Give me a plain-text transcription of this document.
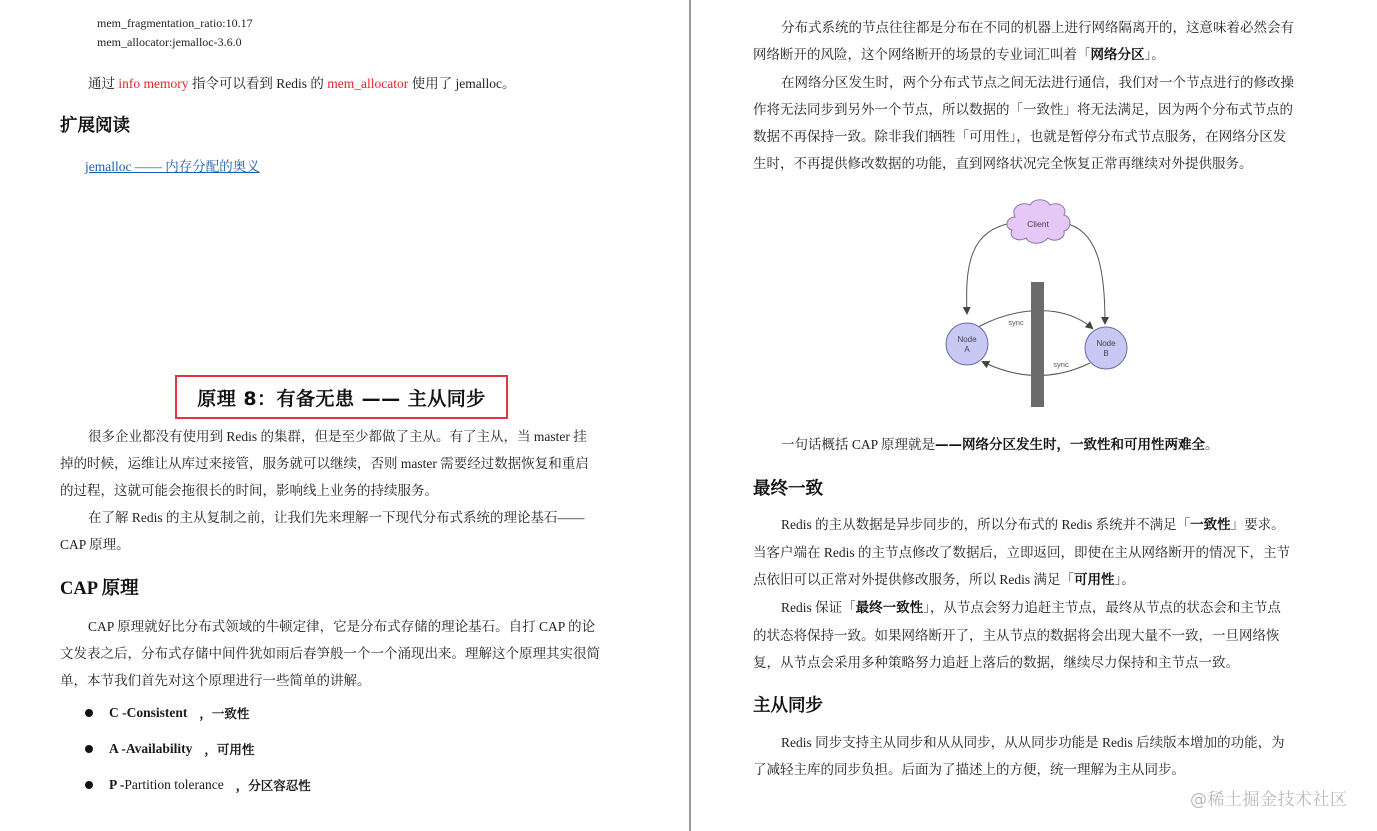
mem_fragmentation_ratio:10.17
mem_allocator:jemalloc-3.6.0
通过 info memory 指令可以看到 Redis 的 mem_allocator 使用了 jemalloc。
扩展阅读
jemalloc —— 内存分配的奥义
原理 8：有备无患 —— 主从同步
很多企业都没有使用到 Redis 的集群，但是至少都做了主从。有了主从，当 master 挂
掉的时候，运维让从库过来接管，服务就可以继续，否则 master 需要经过数据恢复和重启
的过程，这就可能会拖很长的时间，影响线上业务的持续服务。
在了解 Redis 的主从复制之前，让我们先来理解一下现代分布式系统的理论基石——
CAP 原理。
CAP 原理
CAP 原理就好比分布式领域的牛顿定律，它是分布式存储的理论基石。自打 CAP 的论
文发表之后，分布式存储中间件犹如雨后春笋般一个一个涌现出来。理解这个原理其实很简
单，本节我们首先对这个原理进行一些简单的讲解。
C - Consistent ，一致性
A - Availability ，可用性
P - Partition tolerance ，分区容忍性
分布式系统的节点往往都是分布在不同的机器上进行网络隔离开的，这意味着必然会有
网络断开的风险，这个网络断开的场景的专业词汇叫着「网络分区」。
在网络分区发生时，两个分布式节点之间无法进行通信，我们对一个节点进行的修改操
作将无法同步到另外一个节点，所以数据的「一致性」将无法满足，因为两个分布式节点的
数据不再保持一致。除非我们牺牲「可用性」，也就是暂停分布式节点服务，在网络分区发
生时，不再提供修改数据的功能，直到网络状况完全恢复正常再继续对外提供服务。
Client
Node
A
Node
B
sync
sync
一句话概括 CAP 原理就是——网络分区发生时，一致性和可用性两难全。
最终一致
Redis 的主从数据是异步同步的，所以分布式的 Redis 系统并不满足「一致性」要求。
当客户端在 Redis 的主节点修改了数据后，立即返回，即使在主从网络断开的情况下，主节
点依旧可以正常对外提供修改服务，所以 Redis 满足「可用性」。
Redis 保证「最终一致性」，从节点会努力追赶主节点，最终从节点的状态会和主节点
的状态将保持一致。如果网络断开了，主从节点的数据将会出现大量不一致，一旦网络恢
复，从节点会采用多种策略努力追赶上落后的数据，继续尽力保持和主节点一致。
主从同步
Redis 同步支持主从同步和从从同步，从从同步功能是 Redis 后续版本增加的功能，为
了减轻主库的同步负担。后面为了描述上的方便，统一理解为主从同步。
@稀土掘金技术社区
